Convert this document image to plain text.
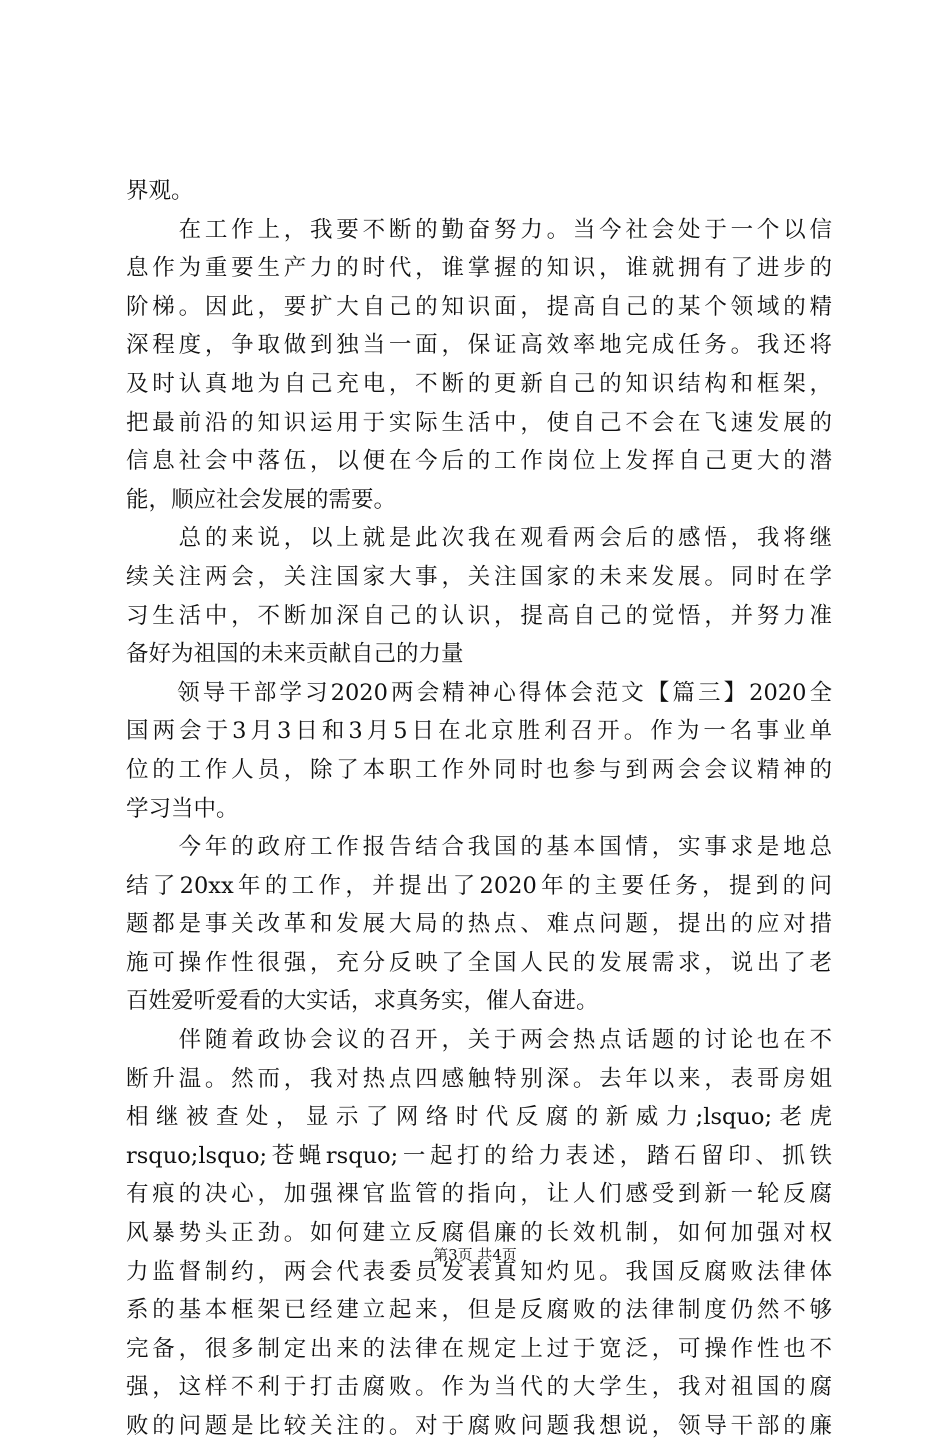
界观。
　　在工作上，我要不断的勤奋努力。当今社会处于一个以信
息作为重要生产力的时代，谁掌握的知识，谁就拥有了进步的
阶梯。因此，要扩大自己的知识面，提高自己的某个领域的精
深程度，争取做到独当一面，保证高效率地完成任务。我还将
及时认真地为自己充电，不断的更新自己的知识结构和框架，
把最前沿的知识运用于实际生活中，使自己不会在飞速发展的
信息社会中落伍，以便在今后的工作岗位上发挥自己更大的潜
能，顺应社会发展的需要。
　　总的来说，以上就是此次我在观看两会后的感悟，我将继
续关注两会，关注国家大事，关注国家的未来发展。同时在学
习生活中，不断加深自己的认识，提高自己的觉悟，并努力准
备好为祖国的未来贡献自己的力量
　　领导干部学习2020两会精神心得体会范文【篇三】2020全
国两会于3月3日和3月5日在北京胜利召开。作为一名事业单
位的工作人员，除了本职工作外同时也参与到两会会议精神的
学习当中。
　　今年的政府工作报告结合我国的基本国情，实事求是地总
结了20xx年的工作，并提出了2020年的主要任务，提到的问
题都是事关改革和发展大局的热点、难点问题，提出的应对措
施可操作性很强，充分反映了全国人民的发展需求，说出了老
百姓爱听爱看的大实话，求真务实，催人奋进。
　　伴随着政协会议的召开，关于两会热点话题的讨论也在不
断升温。然而，我对热点四感触特别深。去年以来，表哥房姐
相继被查处，显示了网络时代反腐的新威力;lsquo;老虎
rsquo;lsquo;苍蝇rsquo;一起打的给力表述，踏石留印、抓铁
有痕的决心，加强裸官监管的指向，让人们感受到新一轮反腐
风暴势头正劲。如何建立反腐倡廉的长效机制，如何加强对权
力监督制约，两会代表委员发表真知灼见。我国反腐败法律体
系的基本框架已经建立起来，但是反腐败的法律制度仍然不够
完备，很多制定出来的法律在规定上过于宽泛，可操作性也不
强，这样不利于打击腐败。作为当代的大学生，我对祖国的腐
败的问题是比较关注的。对于腐败问题我想说，领导干部的廉
第3页 共4页
